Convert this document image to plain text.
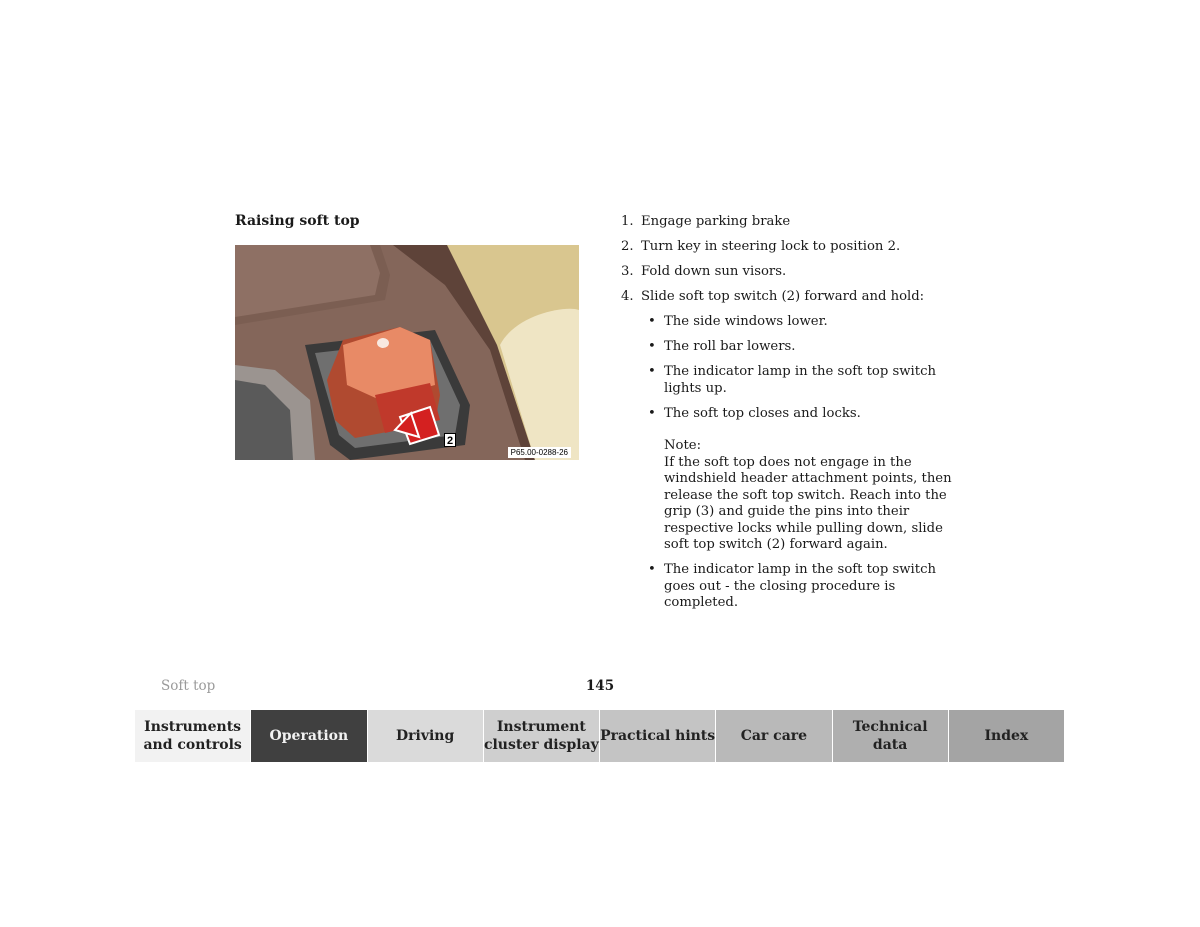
Raising soft top
2
P65.00-0288-26
1. Engage parking brake
2. Turn key in steering lock to position 2.
3. Fold down sun visors.
4. Slide soft top switch (2) forward and hold:
• The side windows lower.
• The roll bar lowers.
• The indicator lamp in the soft top switch lights up.
• The soft top closes and locks.
Note:
If the soft top does not engage in the windshield header attachment points, then release the soft top switch. Reach into the grip (3) and guide the pins into their respective locks while pulling down, slide soft top switch (2) forward again.
• The indicator lamp in the soft top switch goes out - the closing procedure is completed.
Soft top	145
Instruments
and controls
Operation	Driving
Instrument
cluster display
Practical hints	Car care
Technical
data
Index
